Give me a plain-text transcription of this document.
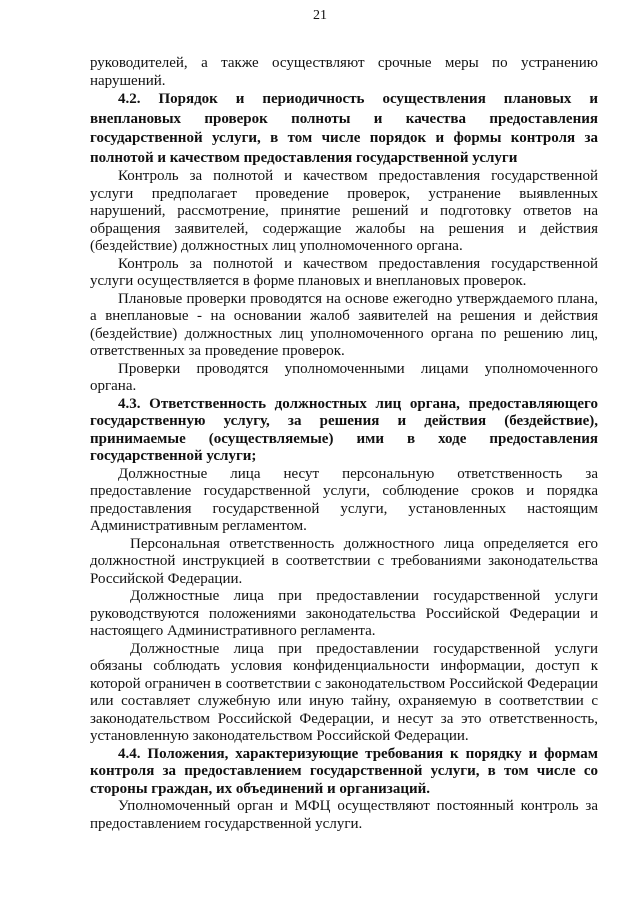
21

руководителей, а также осуществляют срочные меры по устранению нарушений.

4.2. Порядок и периодичность осуществления плановых и внеплановых проверок полноты и качества предоставления государственной услуги, в том числе порядок и формы контроля за полнотой и качеством предоставления государственной услуги

Контроль за полнотой и качеством предоставления государственной услуги предполагает проведение проверок, устранение выявленных нарушений, рассмотрение, принятие решений и подготовку ответов на обращения заявителей, содержащие жалобы на решения и действия (бездействие) должностных лиц уполномоченного органа.

Контроль за полнотой и качеством предоставления государственной услуги осуществляется в форме плановых и внеплановых проверок.

Плановые проверки проводятся на основе ежегодно утверждаемого плана, а внеплановые - на основании жалоб заявителей на решения и действия (бездействие) должностных лиц уполномоченного органа по решению лиц, ответственных за проведение проверок.

Проверки проводятся уполномоченными лицами уполномоченного органа.

4.3. Ответственность должностных лиц органа, предоставляющего государственную услугу, за решения и действия (бездействие), принимаемые (осуществляемые) ими в ходе предоставления государственной услуги;

Должностные лица несут персональную ответственность за предоставление государственной услуги, соблюдение сроков и порядка предоставления государственной услуги, установленных настоящим Административным регламентом.

Персональная ответственность должностного лица определяется его должностной инструкцией в соответствии с требованиями законодательства Российской Федерации.

Должностные лица при предоставлении государственной услуги руководствуются положениями законодательства Российской Федерации и настоящего Административного регламента.

Должностные лица при предоставлении государственной услуги обязаны соблюдать условия конфиденциальности информации, доступ к которой ограничен в соответствии с законодательством Российской Федерации или составляет служебную или иную тайну, охраняемую в соответствии с законодательством Российской Федерации, и несут за это ответственность, установленную законодательством Российской Федерации.

4.4. Положения, характеризующие требования к порядку и формам контроля за предоставлением государственной услуги, в том числе со стороны граждан, их объединений и организаций.

Уполномоченный орган и МФЦ осуществляют постоянный контроль за предоставлением государственной услуги.
